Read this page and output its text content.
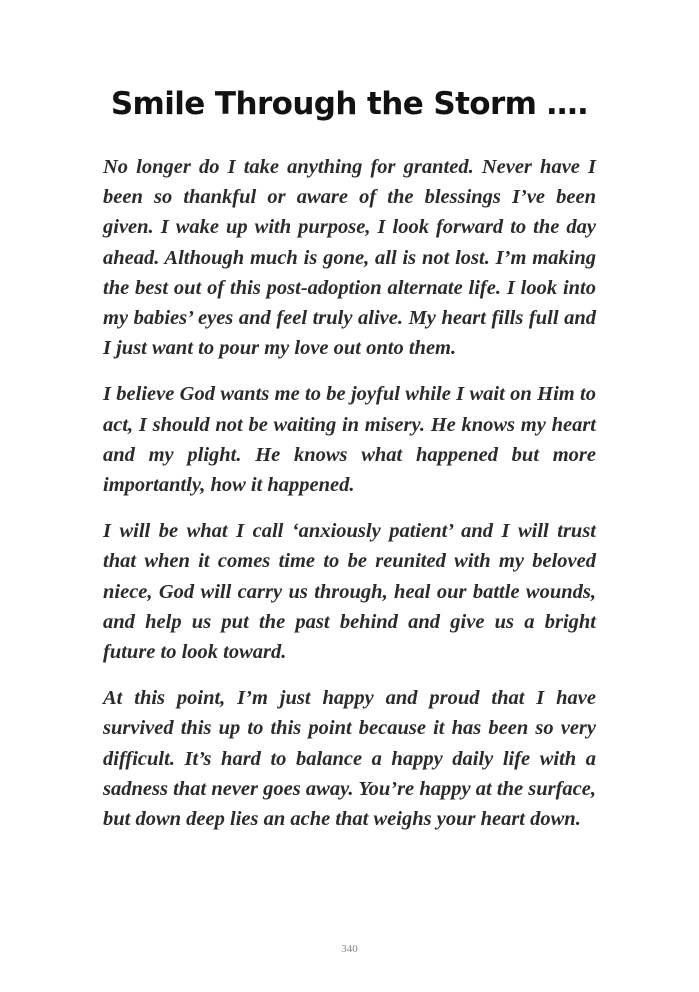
Smile Through the Storm ….

No longer do I take anything for granted. Never have I been so thankful or aware of the blessings I’ve been given. I wake up with purpose, I look forward to the day ahead. Although much is gone, all is not lost. I’m making the best out of this post-adoption alternate life. I look into my babies’ eyes and feel truly alive. My heart fills full and I just want to pour my love out onto them.

I believe God wants me to be joyful while I wait on Him to act, I should not be waiting in misery. He knows my heart and my plight. He knows what happened but more importantly, how it happened.

I will be what I call ‘anxiously patient’ and I will trust that when it comes time to be reunited with my beloved niece, God will carry us through, heal our battle wounds, and help us put the past behind and give us a bright future to look toward.

At this point, I’m just happy and proud that I have survived this up to this point because it has been so very difficult. It’s hard to balance a happy daily life with a sadness that never goes away. You’re happy at the surface, but down deep lies an ache that weighs your heart down.

340
